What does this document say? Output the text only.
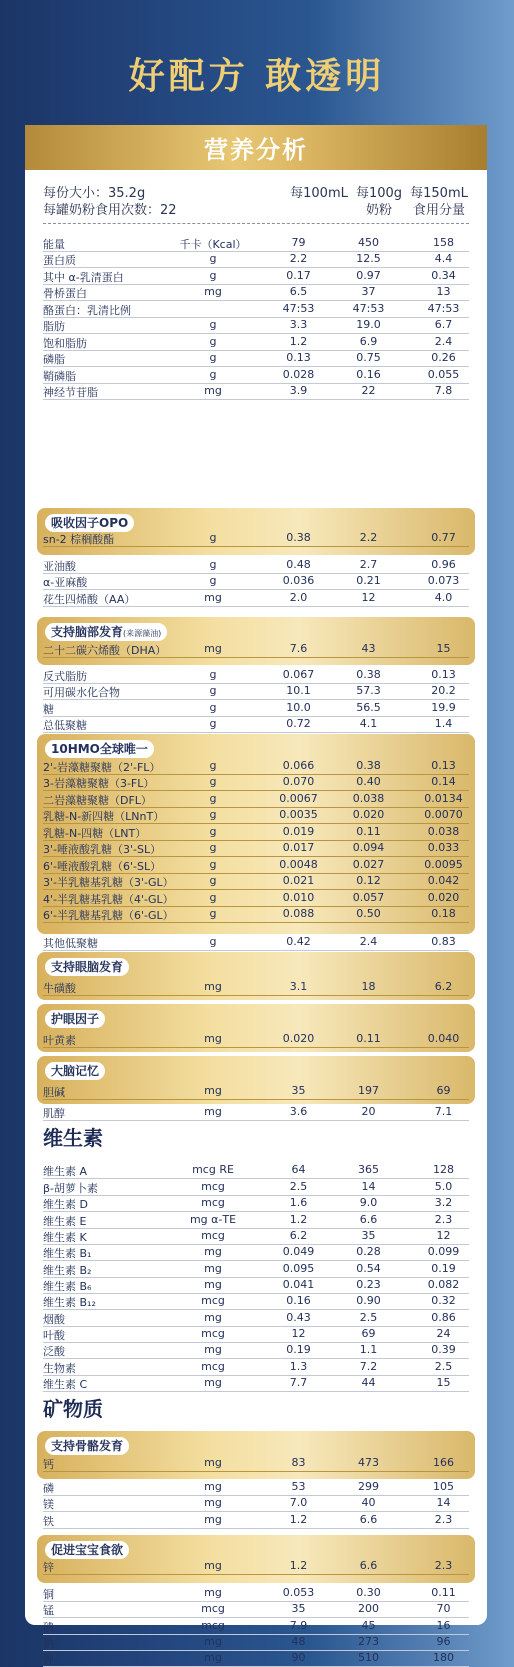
好配方 敢透明
营养分析
每份大小：35.2g
每罐奶粉食用次数：22
每100mL 每100g
奶粉
每150mL
食用分量
吸收因子OPO
支持脑部发育(来源藻油)
10HMO全球唯一
支持眼脑发育
护眼因子
大脑记忆
维生素
矿物质
支持骨骼发育
促进宝宝食欲
能量	千卡（Kcal）	79	450	158
蛋白质	g	2.2	12.5	4.4
其中 α-乳清蛋白	g	0.17	0.97	0.34
骨桥蛋白	mg	6.5	37	13
酪蛋白：乳清比例	47:53	47:53	47:53
脂肪	g	3.3	19.0	6.7
饱和脂肪	g	1.2	6.9	2.4
磷脂	g	0.13	0.75	0.26
鞘磷脂	g	0.028	0.16	0.055
神经节苷脂	mg	3.9	22	7.8
sn-2 棕榈酸酯	g	0.38	2.2	0.77
亚油酸	g	0.48	2.7	0.96
α-亚麻酸	g	0.036	0.21	0.073
花生四烯酸（AA）	mg	2.0	12	4.0
二十二碳六烯酸（DHA）	mg	7.6	43	15
反式脂肪	g	0.067	0.38	0.13
可用碳水化合物	g	10.1	57.3	20.2
糖	g	10.0	56.5	19.9
总低聚糖	g	0.72	4.1	1.4
2'-岩藻糖聚糖（2'-FL）	g	0.066	0.38	0.13
3-岩藻糖聚糖（3-FL）	g	0.070	0.40	0.14
二岩藻糖聚糖（DFL）	g	0.0067	0.038	0.0134
乳糖-N-新四糖（LNnT）	g	0.0035	0.020	0.0070
乳糖-N-四糖（LNT）	g	0.019	0.11	0.038
3'-唾液酸乳糖（3'-SL）	g	0.017	0.094	0.033
6'-唾液酸乳糖（6'-SL）	g	0.0048	0.027	0.0095
3'-半乳糖基乳糖（3'-GL）	g	0.021	0.12	0.042
4'-半乳糖基乳糖（4'-GL）	g	0.010	0.057	0.020
6'-半乳糖基乳糖（6'-GL）	g	0.088	0.50	0.18
其他低聚糖	g	0.42	2.4	0.83
牛磺酸	mg	3.1	18	6.2
叶黄素	mg	0.020	0.11	0.040
胆碱	mg	35	197	69
肌醇	mg	3.6	20	7.1
维生素 A	mcg RE	64	365	128
β-胡萝卜素	mcg	2.5	14	5.0
维生素 D	mcg	1.6	9.0	3.2
维生素 E	mg α-TE	1.2	6.6	2.3
维生素 K	mcg	6.2	35	12
维生素 B₁	mg	0.049	0.28	0.099
维生素 B₂	mg	0.095	0.54	0.19
维生素 B₆	mg	0.041	0.23	0.082
维生素 B₁₂	mcg	0.16	0.90	0.32
烟酸	mg	0.43	2.5	0.86
叶酸	mcg	12	69	24
泛酸	mg	0.19	1.1	0.39
生物素	mcg	1.3	7.2	2.5
维生素 C	mg	7.7	44	15
钙	mg	83	473	166
磷	mg	53	299	105
镁	mg	7.0	40	14
铁	mg	1.2	6.6	2.3
锌	mg	1.2	6.6	2.3
铜	mg	0.053	0.30	0.11
锰	mcg	35	200	70
碘	mcg	7.9	45	16
钠	mg	48	273	96
钾	mg	90	510	180
